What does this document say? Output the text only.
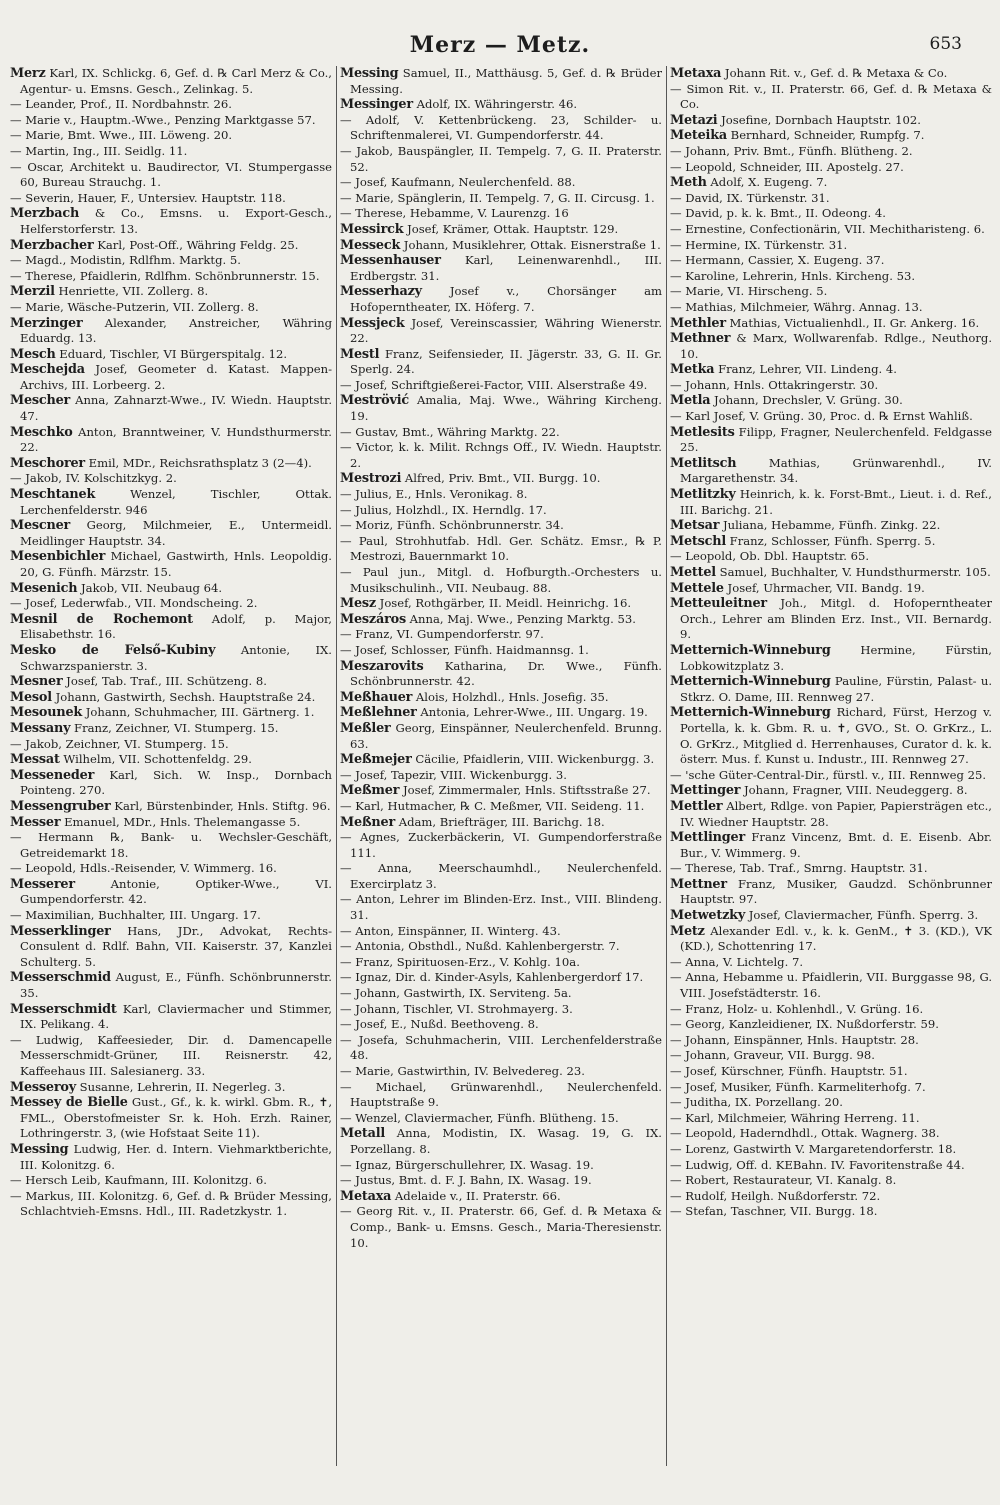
Merz — Metz.	653
Merz Karl, IX. Schlickg. 6, Gef. d. ℞ Carl Merz & Co., Agentur- u. Emsns. Gesch., Zelinkag. 5.
— Leander, Prof., II. Nordbahnstr. 26.
— Marie v., Hauptm.-Wwe., Penzing Marktgasse 57.
— Marie, Bmt. Wwe., III. Löweng. 20.
— Martin, Ing., III. Seidlg. 11.
— Oscar, Architekt u. Baudirector, VI. Stumpergasse 60, Bureau Strauchg. 1.
— Severin, Hauer, F., Untersiev. Hauptstr. 118.
Merzbach & Co., Emsns. u. Export-Gesch., Helferstorferstr. 13.
Merzbacher Karl, Post-Off., Währing Feldg. 25.
— Magd., Modistin, Rdlfhm. Marktg. 5.
— Therese, Pfaidlerin, Rdlfhm. Schönbrunnerstr. 15.
Merzil Henriette, VII. Zollerg. 8.
— Marie, Wäsche-Putzerin, VII. Zollerg. 8.
Merzinger Alexander, Anstreicher, Währing Eduardg. 13.
Mesch Eduard, Tischler, VI Bürgerspitalg. 12.
Meschejda Josef, Geometer d. Katast. Mappen-Archivs, III. Lorbeerg. 2.
Mescher Anna, Zahnarzt-Wwe., IV. Wiedn. Hauptstr. 47.
Meschko Anton, Branntweiner, V. Hundsthurmerstr. 22.
Meschorer Emil, MDr., Reichsrathsplatz 3 (2—4).
— Jakob, IV. Kolschitzkyg. 2.
Meschtanek Wenzel, Tischler, Ottak. Lerchenfelderstr. 946
Mescner Georg, Milchmeier, E., Untermeidl. Meidlinger Hauptstr. 34.
Mesenbichler Michael, Gastwirth, Hnls. Leopoldig. 20, G. Fünfh. Märzstr. 15.
Mesenich Jakob, VII. Neubaug 64.
— Josef, Lederwfab., VII. Mondscheing. 2.
Mesnil de Rochemont Adolf, p. Major, Elisabethstr. 16.
Mesko de Felső-Kubiny Antonie, IX. Schwarzspanierstr. 3.
Mesner Josef, Tab. Traf., III. Schützeng. 8.
Mesol Johann, Gastwirth, Sechsh. Hauptstraße 24.
Mesounek Johann, Schuhmacher, III. Gärtnerg. 1.
Messany Franz, Zeichner, VI. Stumperg. 15.
— Jakob, Zeichner, VI. Stumperg. 15.
Messat Wilhelm, VII. Schottenfeldg. 29.
Messeneder Karl, Sich. W. Insp., Dornbach Pointeng. 270.
Messengruber Karl, Bürstenbinder, Hnls. Stiftg. 96.
Messer Emanuel, MDr., Hnls. Thelemangasse 5.
— Hermann ℞, Bank- u. Wechsler-Geschäft, Getreidemarkt 18.
— Leopold, Hdls.-Reisender, V. Wimmerg. 16.
Messerer Antonie, Optiker-Wwe., VI. Gumpendorferstr. 42.
— Maximilian, Buchhalter, III. Ungarg. 17.
Messerklinger Hans, JDr., Advokat, Rechts-Consulent d. Rdlf. Bahn, VII. Kaiserstr. 37, Kanzlei Schulterg. 5.
Messerschmid August, E., Fünfh. Schönbrunnerstr. 35.
Messerschmidt Karl, Claviermacher und Stimmer, IX. Pelikang. 4.
— Ludwig, Kaffeesieder, Dir. d. Damencapelle Messerschmidt-Grüner, III. Reisnerstr. 42, Kaffeehaus III. Salesianerg. 33.
Messeroy Susanne, Lehrerin, II. Negerleg. 3.
Messey de Bielle Gust., Gf., k. k. wirkl. Gbm. R., ✝, FML., Oberstofmeister Sr. k. Hoh. Erzh. Rainer, Lothringerstr. 3, (wie Hofstaat Seite 11).
Messing Ludwig, Her. d. Intern. Viehmarktberichte, III. Kolonitzg. 6.
— Hersch Leib, Kaufmann, III. Kolonitzg. 6.
— Markus, III. Kolonitzg. 6, Gef. d. ℞ Brüder Messing, Schlachtvieh-Emsns. Hdl., III. Radetzkystr. 1.
Messing Samuel, II., Matthäusg. 5, Gef. d. ℞ Brüder Messing.
Messinger Adolf, IX. Währingerstr. 46.
— Adolf, V. Kettenbrückeng. 23, Schilder- u. Schriftenmalerei, VI. Gumpendorferstr. 44.
— Jakob, Bauspängler, II. Tempelg. 7, G. II. Praterstr. 52.
— Josef, Kaufmann, Neulerchenfeld. 88.
— Marie, Spänglerin, II. Tempelg. 7, G. II. Circusg. 1.
— Therese, Hebamme, V. Laurenzg. 16
Messirck Josef, Krämer, Ottak. Hauptstr. 129.
Messeck Johann, Musiklehrer, Ottak. Eisnerstraße 1.
Messenhauser Karl, Leinenwarenhdl., III. Erdbergstr. 31.
Messerhazy Josef v., Chorsänger am Hofoperntheater, IX. Höferg. 7.
Messjeck Josef, Vereinscassier, Währing Wienerstr. 22.
Mestl Franz, Seifensieder, II. Jägerstr. 33, G. II. Gr. Sperlg. 24.
— Josef, Schriftgießerei-Factor, VIII. Alserstraße 49.
Meströvić Amalia, Maj. Wwe., Währing Kircheng. 19.
— Gustav, Bmt., Währing Marktg. 22.
— Victor, k. k. Milit. Rchngs Off., IV. Wiedn. Hauptstr. 2.
Mestrozi Alfred, Priv. Bmt., VII. Burgg. 10.
— Julius, E., Hnls. Veronikag. 8.
— Julius, Holzhdl., IX. Herndlg. 17.
— Moriz, Fünfh. Schönbrunnerstr. 34.
— Paul, Strohhutfab. Hdl. Ger. Schätz. Emsr., ℞ P. Mestrozi, Bauernmarkt 10.
— Paul jun., Mitgl. d. Hofburgth.-Orchesters u. Musikschulinh., VII. Neubaug. 88.
Mesz Josef, Rothgärber, II. Meidl. Heinrichg. 16.
Meszáros Anna, Maj. Wwe., Penzing Marktg. 53.
— Franz, VI. Gumpendorferstr. 97.
— Josef, Schlosser, Fünfh. Haidmannsg. 1.
Meszarovits Katharina, Dr. Wwe., Fünfh. Schönbrunnerstr. 42.
Meßhauer Alois, Holzhdl., Hnls. Josefig. 35.
Meßlehner Antonia, Lehrer-Wwe., III. Ungarg. 19.
Meßler Georg, Einspänner, Neulerchenfeld. Brunng. 63.
Meßmejer Cäcilie, Pfaidlerin, VIII. Wickenburgg. 3.
— Josef, Tapezir, VIII. Wickenburgg. 3.
Meßmer Josef, Zimmermaler, Hnls. Stiftsstraße 27.
— Karl, Hutmacher, ℞ C. Meßmer, VII. Seideng. 11.
Meßner Adam, Briefträger, III. Barichg. 18.
— Agnes, Zuckerbäckerin, VI. Gumpendorferstraße 111.
— Anna, Meerschaumhdl., Neulerchenfeld. Exercirplatz 3.
— Anton, Lehrer im Blinden-Erz. Inst., VIII. Blindeng. 31.
— Anton, Einspänner, II. Winterg. 43.
— Antonia, Obsthdl., Nußd. Kahlenbergerstr. 7.
— Franz, Spirituosen-Erz., V. Kohlg. 10a.
— Ignaz, Dir. d. Kinder-Asyls, Kahlenbergerdorf 17.
— Johann, Gastwirth, IX. Serviteng. 5a.
— Johann, Tischler, VI. Strohmayerg. 3.
— Josef, E., Nußd. Beethoveng. 8.
— Josefa, Schuhmacherin, VIII. Lerchenfelderstraße 48.
— Marie, Gastwirthin, IV. Belvedereg. 23.
— Michael, Grünwarenhdl., Neulerchenfeld. Hauptstraße 9.
— Wenzel, Claviermacher, Fünfh. Blütheng. 15.
Metall Anna, Modistin, IX. Wasag. 19, G. IX. Porzellang. 8.
— Ignaz, Bürgerschullehrer, IX. Wasag. 19.
— Justus, Bmt. d. F. J. Bahn, IX. Wasag. 19.
Metaxa Adelaide v., II. Praterstr. 66.
— Georg Rit. v., II. Praterstr. 66, Gef. d. ℞ Metaxa & Comp., Bank- u. Emsns. Gesch., Maria-Theresienstr. 10.
Metaxa Johann Rit. v., Gef. d. ℞ Metaxa & Co.
— Simon Rit. v., II. Praterstr. 66, Gef. d. ℞ Metaxa & Co.
Metazi Josefine, Dornbach Hauptstr. 102.
Meteika Bernhard, Schneider, Rumpfg. 7.
— Johann, Priv. Bmt., Fünfh. Blütheng. 2.
— Leopold, Schneider, III. Apostelg. 27.
Meth Adolf, X. Eugeng. 7.
— David, IX. Türkenstr. 31.
— David, p. k. k. Bmt., II. Odeong. 4.
— Ernestine, Confectionärin, VII. Mechitharisteng. 6.
— Hermine, IX. Türkenstr. 31.
— Hermann, Cassier, X. Eugeng. 37.
— Karoline, Lehrerin, Hnls. Kircheng. 53.
— Marie, VI. Hirscheng. 5.
— Mathias, Milchmeier, Währg. Annag. 13.
Methler Mathias, Victualienhdl., II. Gr. Ankerg. 16.
Methner & Marx, Wollwarenfab. Rdlge., Neuthorg. 10.
Metka Franz, Lehrer, VII. Lindeng. 4.
— Johann, Hnls. Ottakringerstr. 30.
Metla Johann, Drechsler, V. Grüng. 30.
— Karl Josef, V. Grüng. 30, Proc. d. ℞ Ernst Wahliß.
Metlesits Filipp, Fragner, Neulerchenfeld. Feldgasse 25.
Metlitsch Mathias, Grünwarenhdl., IV. Margarethenstr. 34.
Metlitzky Heinrich, k. k. Forst-Bmt., Lieut. i. d. Ref., III. Barichg. 21.
Metsar Juliana, Hebamme, Fünfh. Zinkg. 22.
Metschl Franz, Schlosser, Fünfh. Sperrg. 5.
— Leopold, Ob. Dbl. Hauptstr. 65.
Mettel Samuel, Buchhalter, V. Hundsthurmerstr. 105.
Mettele Josef, Uhrmacher, VII. Bandg. 19.
Metteuleitner Joh., Mitgl. d. Hofoperntheater Orch., Lehrer am Blinden Erz. Inst., VII. Bernardg. 9.
Metternich-Winneburg Hermine, Fürstin, Lobkowitzplatz 3.
Metternich-Winneburg Pauline, Fürstin, Palast- u. Stkrz. O. Dame, III. Rennweg 27.
Metternich-Winneburg Richard, Fürst, Herzog v. Portella, k. k. Gbm. R. u. ✝, GVO., St. O. GrKrz., L. O. GrKrz., Mitglied d. Herrenhauses, Curator d. k. k. österr. Mus. f. Kunst u. Industr., III. Rennweg 27.
— 'sche Güter-Central-Dir., fürstl. v., III. Rennweg 25.
Mettinger Johann, Fragner, VIII. Neudeggerg. 8.
Mettler Albert, Rdlge. von Papier, Papiersträgen etc., IV. Wiedner Hauptstr. 28.
Mettlinger Franz Vincenz, Bmt. d. E. Eisenb. Abr. Bur., V. Wimmerg. 9.
— Therese, Tab. Traf., Smrng. Hauptstr. 31.
Mettner Franz, Musiker, Gaudzd. Schönbrunner Hauptstr. 97.
Metwetzky Josef, Claviermacher, Fünfh. Sperrg. 3.
Metz Alexander Edl. v., k. k. GenM., ✝ 3. (KD.), VK (KD.), Schottenring 17.
— Anna, V. Lichtelg. 7.
— Anna, Hebamme u. Pfaidlerin, VII. Burggasse 98, G. VIII. Josefstädterstr. 16.
— Franz, Holz- u. Kohlenhdl., V. Grüng. 16.
— Georg, Kanzleidiener, IX. Nußdorferstr. 59.
— Johann, Einspänner, Hnls. Hauptstr. 28.
— Johann, Graveur, VII. Burgg. 98.
— Josef, Kürschner, Fünfh. Hauptstr. 51.
— Josef, Musiker, Fünfh. Karmeliterhofg. 7.
— Juditha, IX. Porzellang. 20.
— Karl, Milchmeier, Währing Herreng. 11.
— Leopold, Haderndhdl., Ottak. Wagnerg. 38.
— Lorenz, Gastwirth V. Margaretendorferstr. 18.
— Ludwig, Off. d. KEBahn. IV. Favoritenstraße 44.
— Robert, Restaurateur, VI. Kanalg. 8.
— Rudolf, Heilgh. Nußdorferstr. 72.
— Stefan, Taschner, VII. Burgg. 18.
